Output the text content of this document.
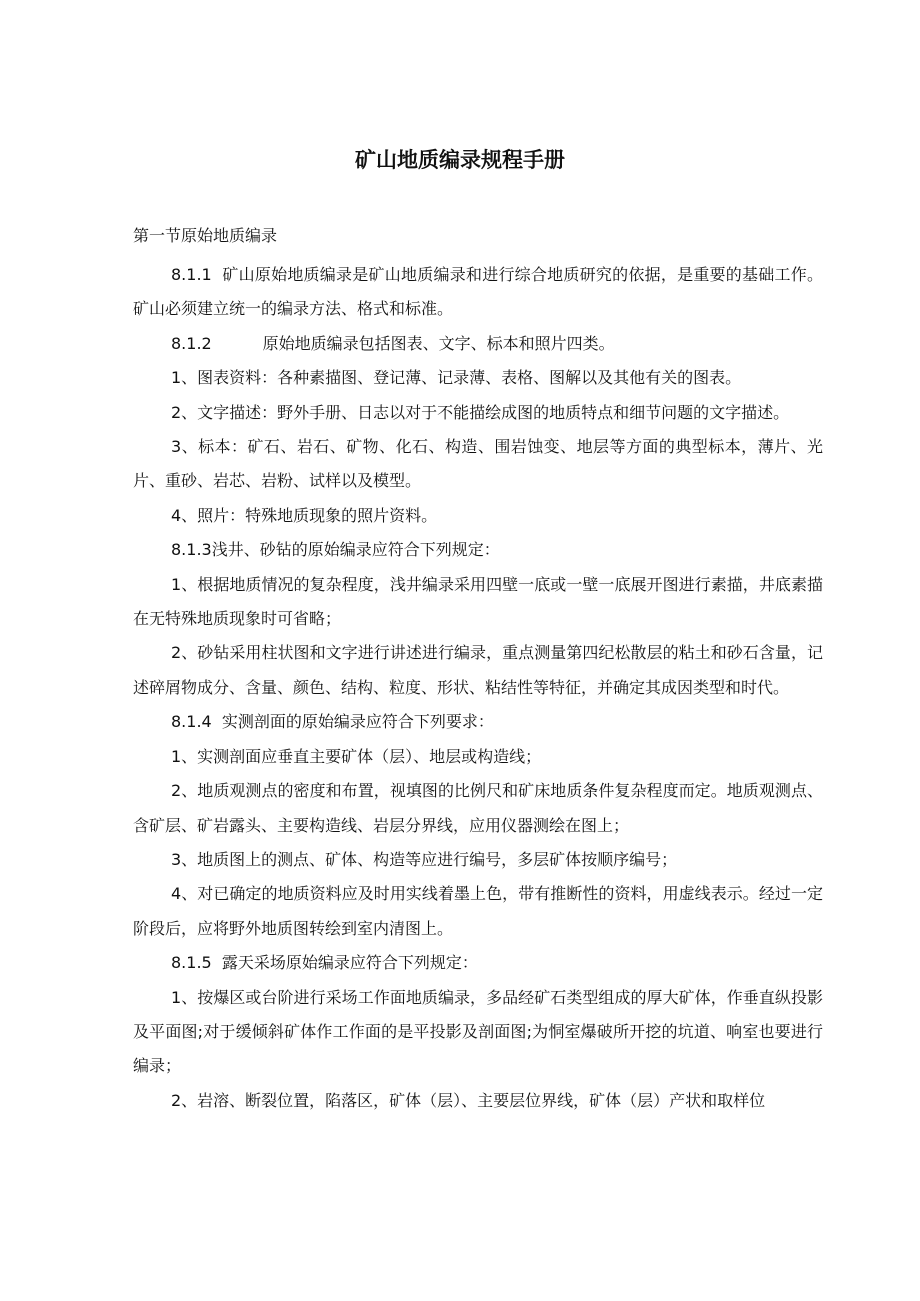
矿山地质编录规程手册
第一节原始地质编录

8.1.1  矿山原始地质编录是矿山地质编录和进行综合地质研究的依据，是重要的基础工作。矿山必须建立统一的编录方法、格式和标准。

8.1.2          原始地质编录包括图表、文字、标本和照片四类。

1、图表资料：各种素描图、登记薄、记录薄、表格、图解以及其他有关的图表。

2、文字描述：野外手册、日志以对于不能描绘成图的地质特点和细节问题的文字描述。

3、标本：矿石、岩石、矿物、化石、构造、围岩蚀变、地层等方面的典型标本，薄片、光片、重砂、岩芯、岩粉、试样以及模型。

4、照片：特殊地质现象的照片资料。

8.1.3浅井、砂钻的原始编录应符合下列规定：

1、根据地质情况的复杂程度，浅井编录采用四壁一底或一壁一底展开图进行素描，井底素描在无特殊地质现象时可省略；

2、砂钻采用柱状图和文字进行讲述进行编录，重点测量第四纪松散层的粘土和砂石含量，记述碎屑物成分、含量、颜色、结构、粒度、形状、粘结性等特征，并确定其成因类型和时代。

8.1.4  实测剖面的原始编录应符合下列要求：

1、实测剖面应垂直主要矿体（层）、地层或构造线；

2、地质观测点的密度和布置，视填图的比例尺和矿床地质条件复杂程度而定。地质观测点、含矿层、矿岩露头、主要构造线、岩层分界线，应用仪器测绘在图上；

3、地质图上的测点、矿体、构造等应进行编号，多层矿体按顺序编号；

4、对已确定的地质资料应及时用实线着墨上色，带有推断性的资料，用虚线表示。经过一定阶段后，应将野外地质图转绘到室内清图上。

8.1.5  露天采场原始编录应符合下列规定：

1、按爆区或台阶进行采场工作面地质编录，多品经矿石类型组成的厚大矿体，作垂直纵投影及平面图;对于缓倾斜矿体作工作面的是平投影及剖面图;为恫室爆破所开挖的坑道、响室也要进行编录；

2、岩溶、断裂位置，陷落区，矿体（层）、主要层位界线，矿体（层）产状和取样位
